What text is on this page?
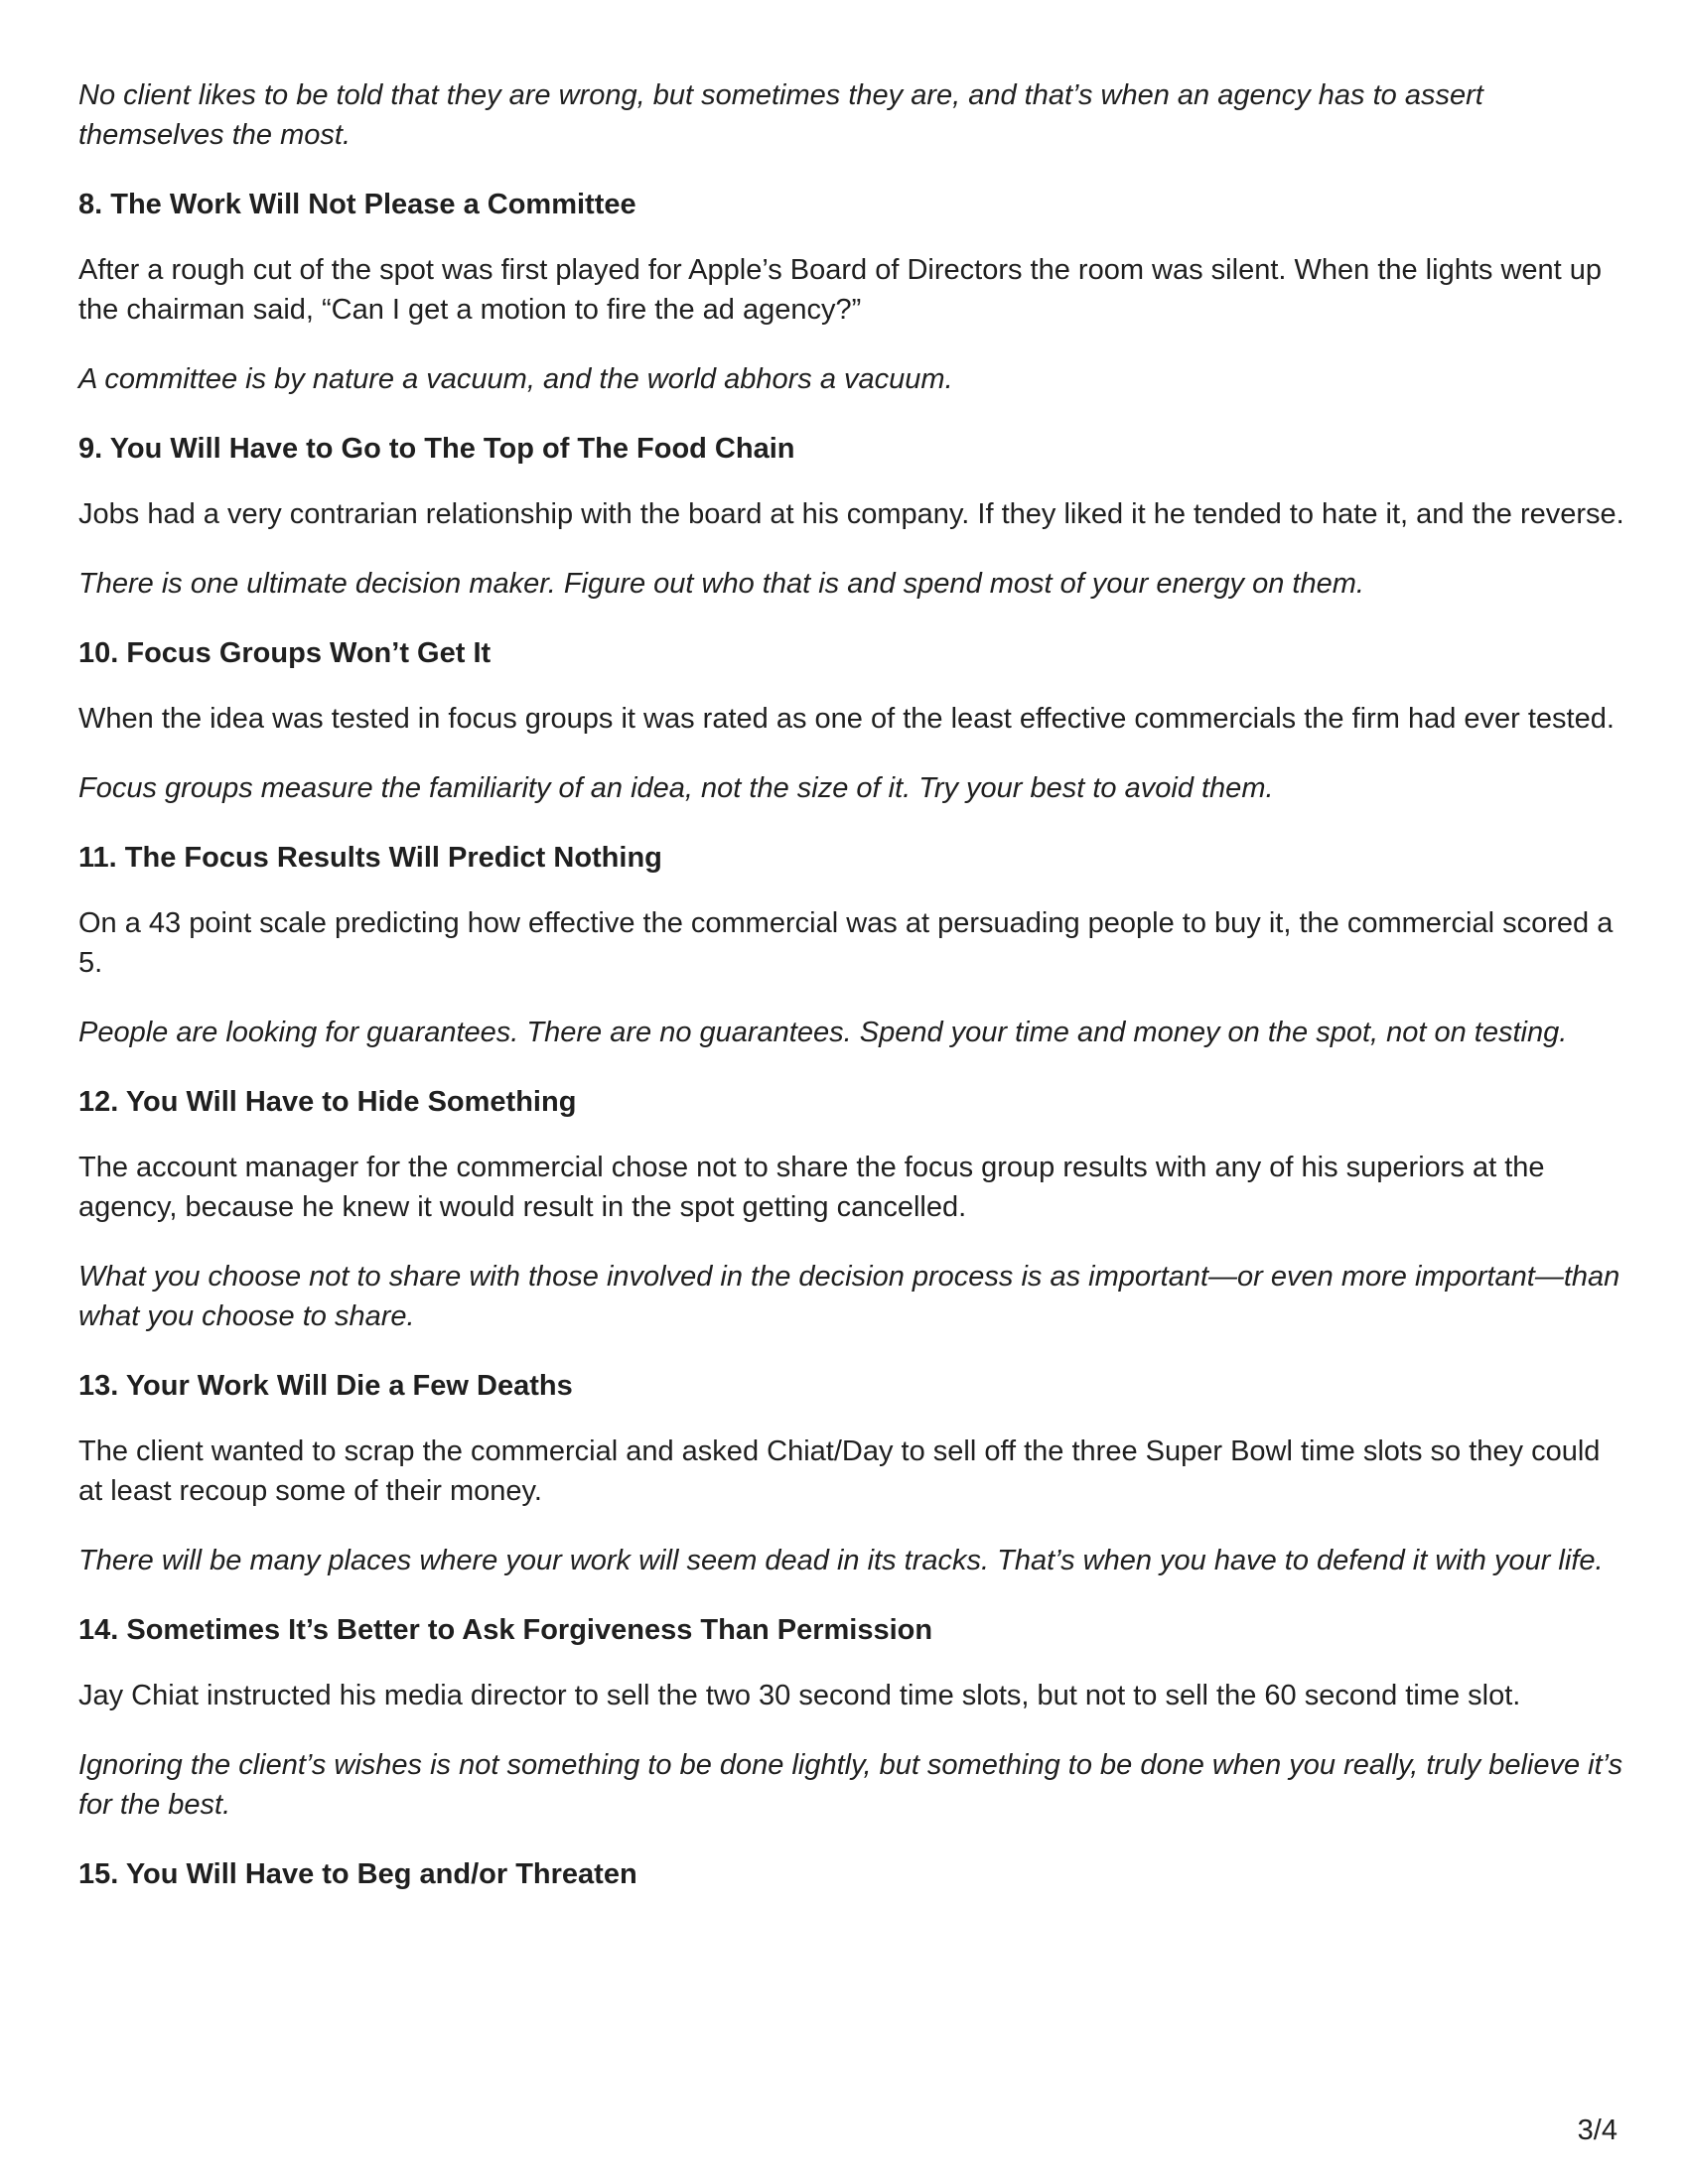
No client likes to be told that they are wrong, but sometimes they are, and that’s when an agency has to assert themselves the most.

8. The Work Will Not Please a Committee

After a rough cut of the spot was first played for Apple’s Board of Directors the room was silent. When the lights went up the chairman said, “Can I get a motion to fire the ad agency?”

A committee is by nature a vacuum, and the world abhors a vacuum.

9. You Will Have to Go to The Top of The Food Chain

Jobs had a very contrarian relationship with the board at his company. If they liked it he tended to hate it, and the reverse.

There is one ultimate decision maker. Figure out who that is and spend most of your energy on them.

10. Focus Groups Won’t Get It

When the idea was tested in focus groups it was rated as one of the least effective commercials the firm had ever tested.

Focus groups measure the familiarity of an idea, not the size of it. Try your best to avoid them.

11. The Focus Results Will Predict Nothing

On a 43 point scale predicting how effective the commercial was at persuading people to buy it, the commercial scored a 5.

People are looking for guarantees. There are no guarantees. Spend your time and money on the spot, not on testing.

12. You Will Have to Hide Something

The account manager for the commercial chose not to share the focus group results with any of his superiors at the agency, because he knew it would result in the spot getting cancelled.

What you choose not to share with those involved in the decision process is as important—or even more important—than what you choose to share.

13. Your Work Will Die a Few Deaths

The client wanted to scrap the commercial and asked Chiat/Day to sell off the three Super Bowl time slots so they could at least recoup some of their money.

There will be many places where your work will seem dead in its tracks. That’s when you have to defend it with your life.

14. Sometimes It’s Better to Ask Forgiveness Than Permission

Jay Chiat instructed his media director to sell the two 30 second time slots, but not to sell the 60 second time slot.

Ignoring the client’s wishes is not something to be done lightly, but something to be done when you really, truly believe it’s for the best.

15. You Will Have to Beg and/or Threaten
3/4
